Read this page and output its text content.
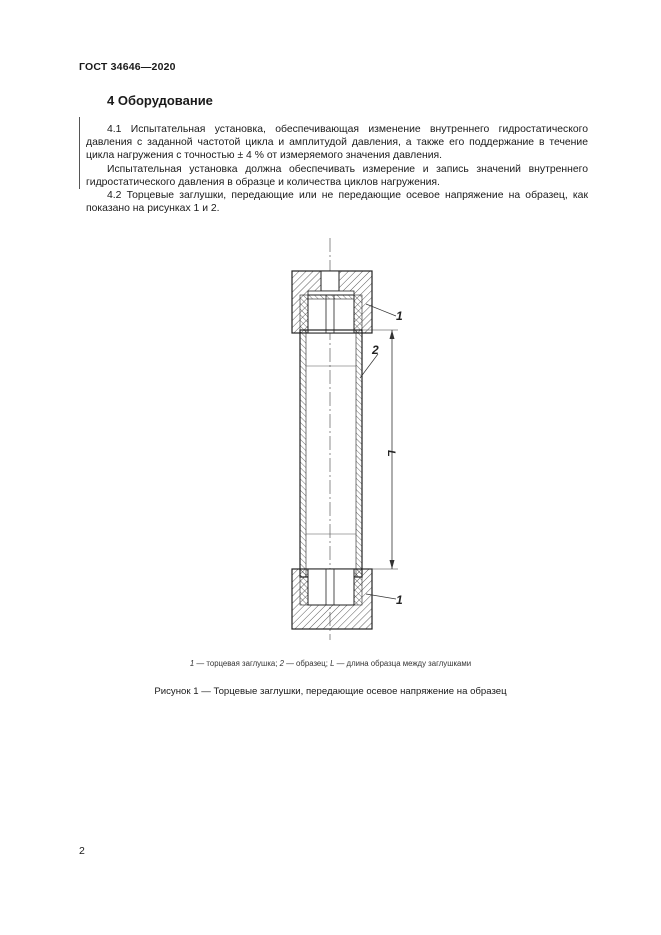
ГОСТ 34646—2020
4 Оборудование

4.1 Испытательная установка, обеспечивающая изменение внутреннего гидростатического давления с заданной частотой цикла и амплитудой давления, а также его поддержание в течение цикла нагружения с точностью ± 4 % от измеряемого значения давления.

Испытательная установка должна обеспечивать измерение и запись значений внутреннего гидростатического давления в образце и количества циклов нагружения.

4.2 Торцевые заглушки, передающие или не передающие осевое напряжение на образец, как показано на рисунках 1 и 2.

1
2
1
L
1 — торцевая заглушка; 2 — образец; L — длина образца между заглушками
Рисунок 1 — Торцевые заглушки, передающие осевое напряжение на образец
2
